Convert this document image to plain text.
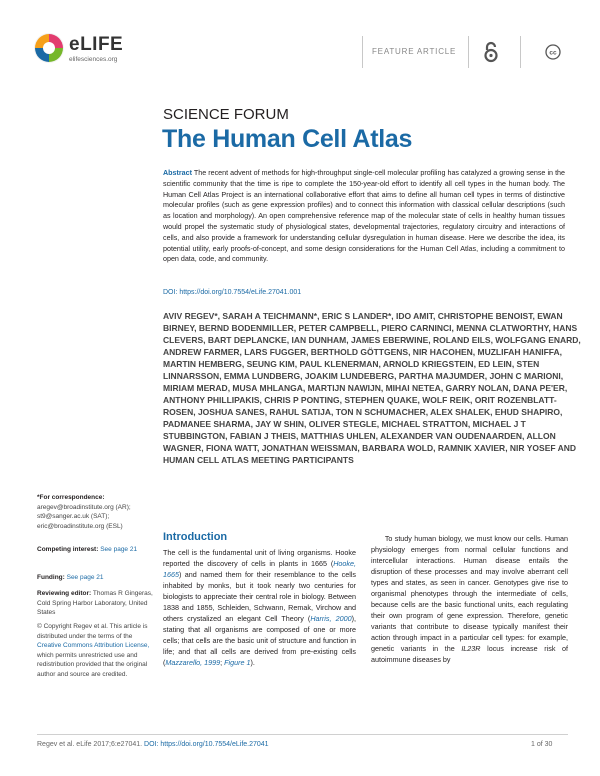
eLIFE
elifesciences.org
FEATURE ARTICLE	cc
SCIENCE FORUM
The Human Cell Atlas
Abstract The recent advent of methods for high-throughput single-cell molecular profiling has catalyzed a growing sense in the scientific community that the time is ripe to complete the 150-year-old effort to identify all cell types in the human body. The Human Cell Atlas Project is an international collaborative effort that aims to define all human cell types in terms of distinctive molecular profiles (such as gene expression profiles) and to connect this information with classical cellular descriptions (such as location and morphology). An open comprehensive reference map of the molecular state of cells in healthy human tissues would propel the systematic study of physiological states, developmental trajectories, regulatory circuitry and interactions of cells, and also provide a framework for understanding cellular dysregulation in human disease. Here we describe the idea, its potential utility, early proofs-of-concept, and some design considerations for the Human Cell Atlas, including a commitment to open data, code, and community.
DOI: https://doi.org/10.7554/eLife.27041.001
AVIV REGEV*, SARAH A TEICHMANN*, ERIC S LANDER*, IDO AMIT, CHRISTOPHE BENOIST, EWAN BIRNEY, BERND BODENMILLER, PETER CAMPBELL, PIERO CARNINCI, MENNA CLATWORTHY, HANS CLEVERS, BART DEPLANCKE, IAN DUNHAM, JAMES EBERWINE, ROLAND EILS, WOLFGANG ENARD, ANDREW FARMER, LARS FUGGER, BERTHOLD GÖTTGENS, NIR HACOHEN, MUZLIFAH HANIFFA, MARTIN HEMBERG, SEUNG KIM, PAUL KLENERMAN, ARNOLD KRIEGSTEIN, ED LEIN, STEN LINNARSSON, EMMA LUNDBERG, JOAKIM LUNDEBERG, PARTHA MAJUMDER, JOHN C MARIONI, MIRIAM MERAD, MUSA MHLANGA, MARTIJN NAWIJN, MIHAI NETEA, GARRY NOLAN, DANA PE'ER, ANTHONY PHILLIPAKIS, CHRIS P PONTING, STEPHEN QUAKE, WOLF REIK, ORIT ROZENBLATT-ROSEN, JOSHUA SANES, RAHUL SATIJA, TON N SCHUMACHER, ALEX SHALEK, EHUD SHAPIRO, PADMANEE SHARMA, JAY W SHIN, OLIVER STEGLE, MICHAEL STRATTON, MICHAEL J T STUBBINGTON, FABIAN J THEIS, MATTHIAS UHLEN, ALEXANDER VAN OUDENAARDEN, ALLON WAGNER, FIONA WATT, JONATHAN WEISSMAN, BARBARA WOLD, RAMNIK XAVIER, NIR YOSEF AND HUMAN CELL ATLAS MEETING PARTICIPANTS
*For correspondence: aregev@broadinstitute.org (AR); st9@sanger.ac.uk (SAT); eric@broadinstitute.org (ESL)
Competing interest: See page 21
Funding: See page 21
Reviewing editor: Thomas R Gingeras, Cold Spring Harbor Laboratory, United States
© Copyright Regev et al. This article is distributed under the terms of the Creative Commons Attribution License, which permits unrestricted use and redistribution provided that the original author and source are credited.
Introduction
The cell is the fundamental unit of living organisms. Hooke reported the discovery of cells in plants in 1665 (Hooke, 1665) and named them for their resemblance to the cells inhabited by monks, but it took nearly two centuries for biologists to appreciate their central role in biology. Between 1838 and 1855, Schleiden, Schwann, Remak, Virchow and others crystalized an elegant Cell Theory (Harris, 2000), stating that all organisms are composed of one or more cells; that cells are the basic unit of structure and function in life; and that all cells are derived from pre-existing cells (Mazzarello, 1999; Figure 1).
To study human biology, we must know our cells. Human physiology emerges from normal cellular functions and intercellular interactions. Human disease entails the disruption of these processes and may involve aberrant cell types and states, as seen in cancer. Genotypes give rise to organismal phenotypes through the intermediate of cells, because cells are the basic functional units, each regulating their own program of gene expression. Therefore, genetic variants that contribute to disease typically manifest their action through impact in a particular cell types: for example, genetic variants in the IL23R locus increase risk of autoimmune diseases by
Regev et al. eLife 2017;6:e27041. DOI: https://doi.org/10.7554/eLife.27041	1 of 30
